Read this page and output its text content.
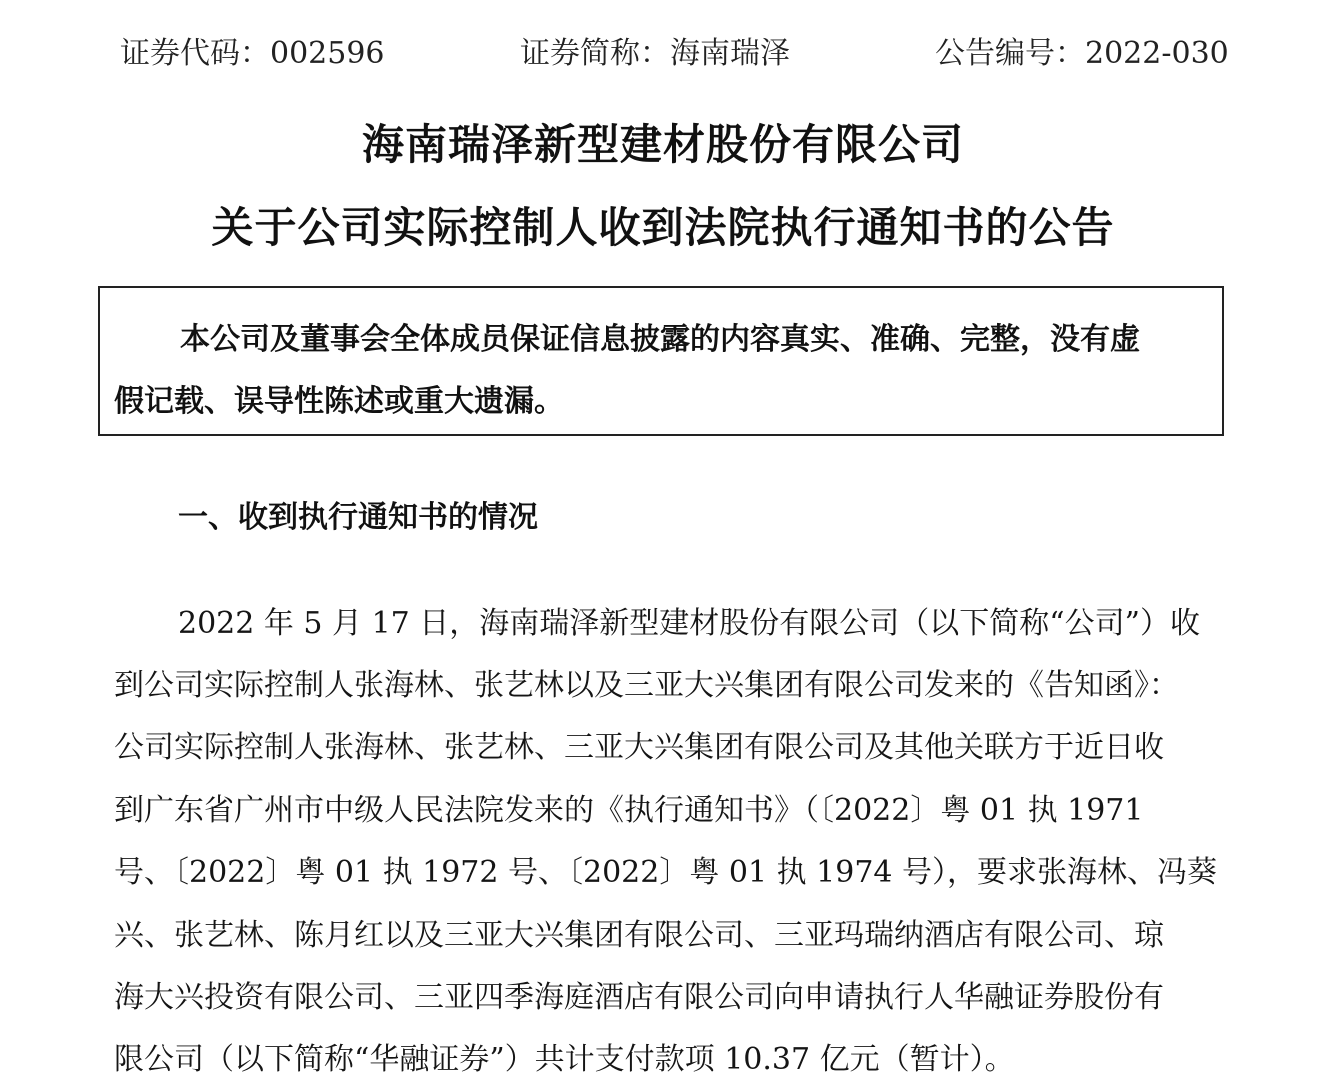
证券代码：002596	证券简称：海南瑞泽	公告编号：2022-030
海南瑞泽新型建材股份有限公司
关于公司实际控制人收到法院执行通知书的公告
本公司及董事会全体成员保证信息披露的内容真实、准确、完整，没有虚
假记载、误导性陈述或重大遗漏。
一、收到执行通知书的情况
2022 年 5 月 17 日，海南瑞泽新型建材股份有限公司（以下简称“公司”）收
到公司实际控制人张海林、张艺林以及三亚大兴集团有限公司发来的《告知函》：
公司实际控制人张海林、张艺林、三亚大兴集团有限公司及其他关联方于近日收
到广东省广州市中级人民法院发来的《执行通知书》（〔2022〕粤 01 执 1971
号、〔2022〕粤 01 执 1972 号、〔2022〕粤 01 执 1974 号），要求张海林、冯葵
兴、张艺林、陈月红以及三亚大兴集团有限公司、三亚玛瑞纳酒店有限公司、琼
海大兴投资有限公司、三亚四季海庭酒店有限公司向申请执行人华融证券股份有
限公司（以下简称“华融证券”）共计支付款项 10.37 亿元（暂计）。
